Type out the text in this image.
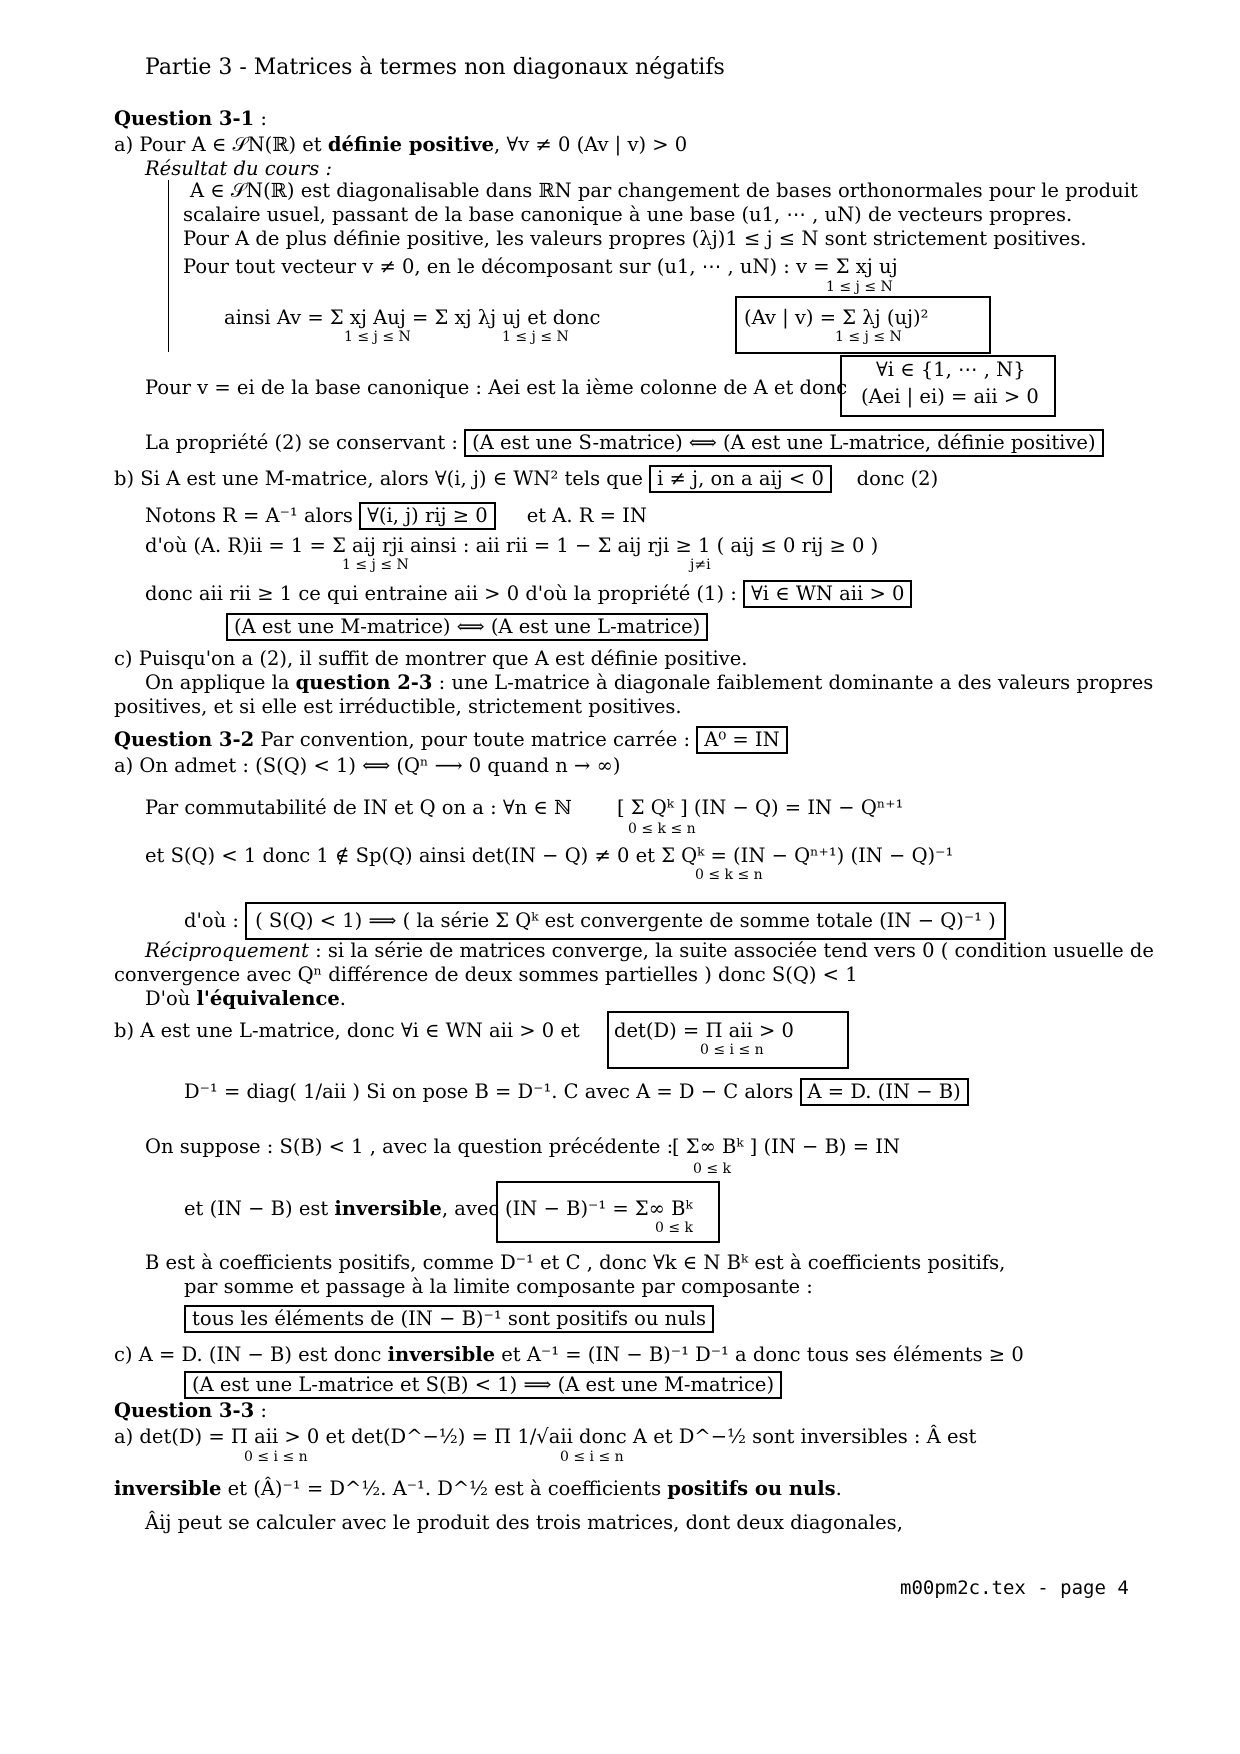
Partie 3 - Matrices à termes non diagonaux négatifs
Question 3-1 :
a) Pour A ∈ 𝒮N(ℝ) et définie positive, ∀v ≠ 0 (Av | v) > 0
Résultat du cours :
A ∈ 𝒮N(ℝ) est diagonalisable dans ℝN par changement de bases orthonormales pour le produit
scalaire usuel, passant de la base canonique à une base (u1, ⋯ , uN) de vecteurs propres.
Pour A de plus définie positive, les valeurs propres (λj)1 ≤ j ≤ N sont strictement positives.
Pour tout vecteur v ≠ 0, en le décomposant sur (u1, ⋯ , uN) : v = Σ xj uj
1 ≤ j ≤ N
ainsi Av = Σ xj Auj = Σ xj λj uj et donc
1 ≤ j ≤ N	1 ≤ j ≤ N
(Av | v) = Σ λj (uj)²
1 ≤ j ≤ N
Pour v = ei de la base canonique : Aei est la ième colonne de A et donc
∀i ∈ {1, ⋯ , N}
(Aei | ei) = aii > 0
La propriété (2) se conservant : (A est une S-matrice) ⟺ (A est une L-matrice, définie positive)
b) Si A est une M-matrice, alors ∀(i, j) ∈ WN² tels que i ≠ j, on a aij < 0 donc (2)
Notons R = A⁻¹ alors ∀(i, j) rij ≥ 0 et A. R = IN
d'où (A. R)ii = 1 = Σ aij rji ainsi : aii rii = 1 − Σ aij rji ≥ 1 ( aij ≤ 0 rij ≥ 0 )
1 ≤ j ≤ N	j≠i
donc aii rii ≥ 1 ce qui entraine aii > 0 d'où la propriété (1) : ∀i ∈ WN aii > 0
(A est une M-matrice) ⟺ (A est une L-matrice)
c) Puisqu'on a (2), il suffit de montrer que A est définie positive.
On applique la question 2-3 : une L-matrice à diagonale faiblement dominante a des valeurs propres
positives, et si elle est irréductible, strictement positives.
Question 3-2 Par convention, pour toute matrice carrée : A⁰ = IN
a) On admet : (S(Q) < 1) ⟺ (Qⁿ ⟶ 0 quand n → ∞)
Par commutabilité de IN et Q on a : ∀n ∈ ℕ [ Σ Qᵏ ] (IN − Q) = IN − Qⁿ⁺¹
0 ≤ k ≤ n
et S(Q) < 1 donc 1 ∉ Sp(Q) ainsi det(IN − Q) ≠ 0 et Σ Qᵏ = (IN − Qⁿ⁺¹) (IN − Q)⁻¹
0 ≤ k ≤ n
d'où : ( S(Q) < 1) ⟹ ( la série Σ Qᵏ est convergente de somme totale (IN − Q)⁻¹ )
Réciproquement : si la série de matrices converge, la suite associée tend vers 0 ( condition usuelle de
convergence avec Qⁿ différence de deux sommes partielles ) donc S(Q) < 1
D'où l'équivalence.
b) A est une L-matrice, donc ∀i ∈ WN aii > 0 et det(D) = Π aii > 0
0 ≤ i ≤ n
D⁻¹ = diag( 1/aii ) Si on pose B = D⁻¹. C avec A = D − C alors A = D. (IN − B)
On suppose : S(B) < 1 , avec la question précédente :
[ Σ∞ Bᵏ ] (IN − B) = IN
0 ≤ k
et (IN − B) est inversible, avec (IN − B)⁻¹ = Σ∞ Bᵏ
0 ≤ k
B est à coefficients positifs, comme D⁻¹ et C , donc ∀k ∈ N Bᵏ est à coefficients positifs,
par somme et passage à la limite composante par composante :
tous les éléments de (IN − B)⁻¹ sont positifs ou nuls
c) A = D. (IN − B) est donc inversible et A⁻¹ = (IN − B)⁻¹ D⁻¹ a donc tous ses éléments ≥ 0
(A est une L-matrice et S(B) < 1) ⟹ (A est une M-matrice)
Question 3-3 :
a) det(D) = Π aii > 0 et det(D^−½) = Π 1/√aii donc A et D^−½ sont inversibles : Â est
0 ≤ i ≤ n	0 ≤ i ≤ n
inversible et (Â)⁻¹ = D^½. A⁻¹. D^½ est à coefficients positifs ou nuls.
Âij peut se calculer avec le produit des trois matrices, dont deux diagonales,
m00pm2c.tex - page 4
